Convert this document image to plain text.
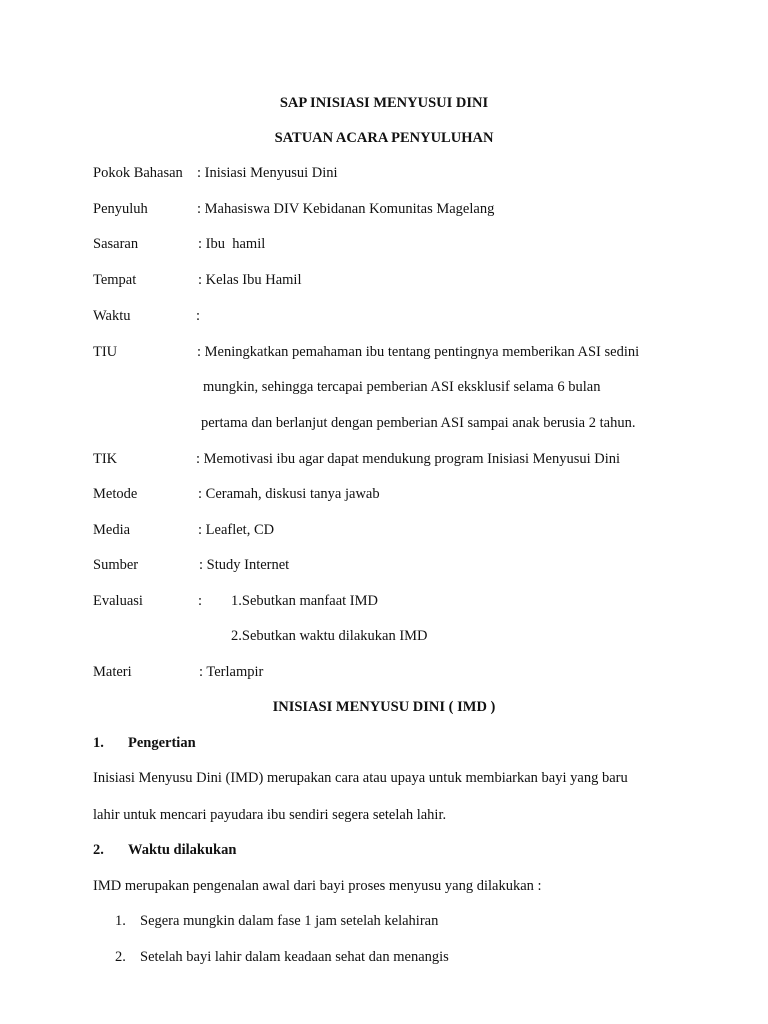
SAP INISIASI MENYUSUI DINI
SATUAN ACARA PENYULUHAN
Pokok Bahasan : Inisiasi Menyusui Dini
Penyuluh	: Mahasiswa DIV Kebidanan Komunitas Magelang
Sasaran	: Ibu  hamil
Tempat	: Kelas Ibu Hamil
Waktu	:
TIU	: Meningkatkan pemahaman ibu tentang pentingnya memberikan ASI sedini
mungkin, sehingga tercapai pemberian ASI eksklusif selama 6 bulan
pertama dan berlanjut dengan pemberian ASI sampai anak berusia 2 tahun.
TIK	: Memotivasi ibu agar dapat mendukung program Inisiasi Menyusui Dini
Metode	: Ceramah, diskusi tanya jawab
Media	: Leaflet, CD
Sumber	: Study Internet
Evaluasi	: 1.Sebutkan manfaat IMD
2.Sebutkan waktu dilakukan IMD
Materi	: Terlampir
INISIASI MENYUSU DINI ( IMD )
1. Pengertian
Inisiasi Menyusu Dini (IMD) merupakan cara atau upaya untuk membiarkan bayi yang baru
lahir untuk mencari payudara ibu sendiri segera setelah lahir.
2. Waktu dilakukan
IMD merupakan pengenalan awal dari bayi proses menyusu yang dilakukan :
1. Segera mungkin dalam fase 1 jam setelah kelahiran
2. Setelah bayi lahir dalam keadaan sehat dan menangis
